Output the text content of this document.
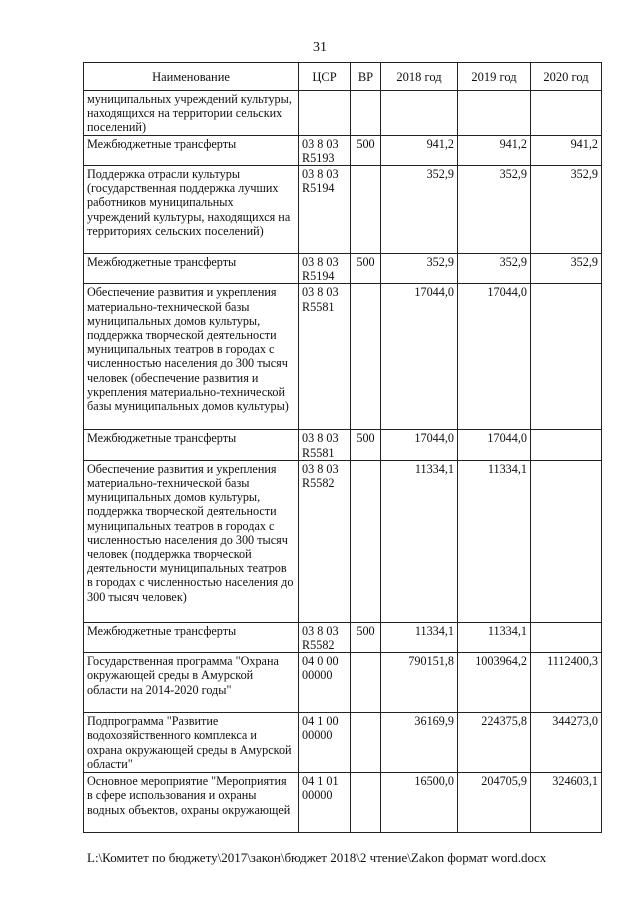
31
Наименование	ЦСР	ВР	2018 год	2019 год	2020 год
муниципальных учреждений культуры, находящихся на территории сельских поселений)					
Межбюджетные трансферты	03 8 03 R5193	500	941,2	941,2	941,2
Поддержка отрасли культуры (государственная поддержка лучших работников муниципальных учреждений культуры, находящихся на территориях сельских поселений)	03 8 03 R5194		352,9	352,9	352,9
Межбюджетные трансферты	03 8 03 R5194	500	352,9	352,9	352,9
Обеспечение развития и укрепления материально-технической базы муниципальных домов культуры, поддержка творческой деятельности муниципальных театров в городах с численностью населения до 300 тысяч человек (обеспечение развития и укрепления материально-технической базы муниципальных домов культуры)	03 8 03 R5581		17044,0	17044,0	
Межбюджетные трансферты	03 8 03 R5581	500	17044,0	17044,0	
Обеспечение развития и укрепления материально-технической базы муниципальных домов культуры, поддержка творческой деятельности муниципальных театров в городах с численностью населения до 300 тысяч человек (поддержка творческой деятельности муниципальных театров в городах с численностью населения до 300 тысяч человек)	03 8 03 R5582		11334,1	11334,1	
Межбюджетные трансферты	03 8 03 R5582	500	11334,1	11334,1	
Государственная программа "Охрана окружающей среды в Амурской области на 2014-2020 годы"	04 0 00 00000		790151,8	1003964,2	1112400,3
Подпрограмма "Развитие водохозяйственного комплекса и охрана окружающей среды в Амурской области"	04 1 00 00000		36169,9	224375,8	344273,0
Основное мероприятие "Мероприятия в сфере использования и охраны водных объектов, охраны окружающей	04 1 01 00000		16500,0	204705,9	324603,1
L:\Комитет по бюджету\2017\закон\бюджет 2018\2 чтение\Zakon формат word.docx
